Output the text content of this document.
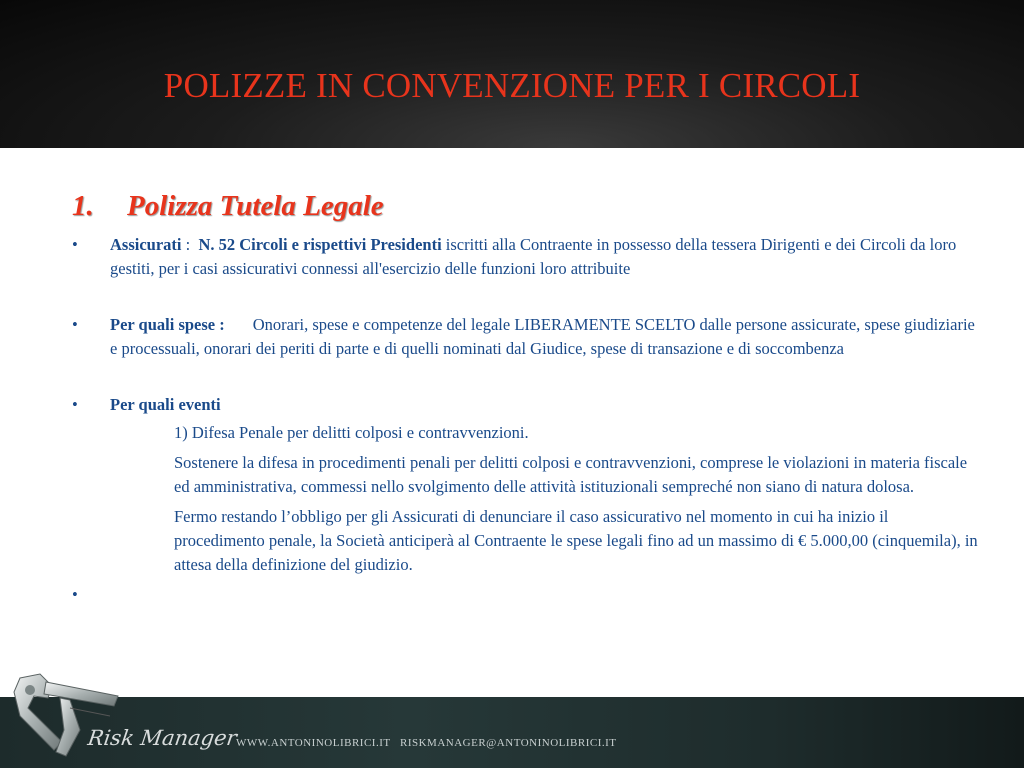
POLIZZE IN CONVENZIONE PER I CIRCOLI
1. Polizza Tutela Legale
• Assicurati :  N. 52 Circoli e rispettivi Presidenti iscritti alla Contraente in possesso della tessera Dirigenti e dei Circoli da loro gestiti, per i casi assicurativi connessi all'esercizio delle funzioni loro attribuite
• Per quali spese : Onorari, spese e competenze del legale LIBERAMENTE SCELTO dalle persone assicurate, spese giudiziarie e processuali, onorari dei periti di parte e di quelli nominati dal Giudice, spese di transazione e di soccombenza
• Per quali eventi
1) Difesa Penale per delitti colposi e contravvenzioni.
Sostenere la difesa in procedimenti penali per delitti colposi e contravvenzioni, comprese le violazioni in materia fiscale ed amministrativa, commessi nello svolgimento delle attività istituzionali sempreché non siano di natura dolosa.
Fermo restando l’obbligo per gli Assicurati di denunciare il caso assicurativo nel momento in cui ha inizio il procedimento penale, la Società anticiperà al Contraente le spese legali fino ad un massimo di € 5.000,00 (cinquemila), in attesa della definizione del giudizio.
•
Risk Manager
WWW.ANTONINOLIBRICI.IT RISKMANAGER@ANTONINOLIBRICI.IT
